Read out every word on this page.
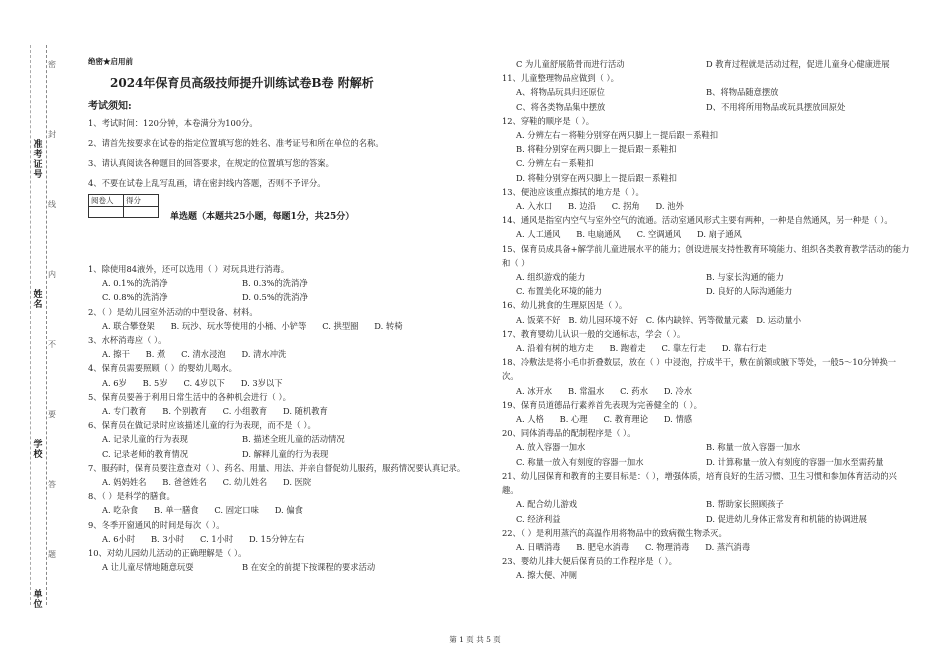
准考证号
姓名
学校
单位
密
封
线
内
不
要
答
题
绝密★启用前
2024年保育员高级技师提升训练试卷B卷 附解析
考试须知:
1、考试时间：120分钟，本卷满分为100分。
2、请首先按要求在试卷的指定位置填写您的姓名、准考证号和所在单位的名称。
3、请认真阅读各种题目的回答要求，在规定的位置填写您的答案。
4、不要在试卷上乱写乱画，请在密封线内答题，否则不予评分。
阅卷人	得分

单选题（本题共25小题，每题1分，共25分）
1、除使用84液外，还可以选用（ ）对玩具进行消毒。
A. 0.1%的洗消净	B. 0.3%的洗消净
C. 0.8%的洗消净	D. 0.5%的洗消净
2、（ ）是幼儿园室外活动的中型设备、材料。
A. 联合攀登架      B. 玩沙、玩水等使用的小桶、小铲等      C. 拱型圈      D. 转椅
3、水杯消毒应（ ）。
A. 擦干      B. 煮      C. 清水浸泡      D. 清水冲洗
4、保育员需要照顾（ ）的婴幼儿喝水。
A. 6岁      B. 5岁      C. 4岁以下      D. 3岁以下
5、保育员要善于利用日常生活中的各种机会进行（ ）。
A. 专门教育      B. 个别教育      C. 小组教育      D. 随机教育
6、保育员在做记录时应该描述儿童的行为表现，而不是（ ）。
A. 记录儿童的行为表现	B. 描述全班儿童的活动情况
C. 记录老师的教育情况	D. 解释儿童的行为表现
7、服药时，保育员要注意查对（ ）、药名、用量、用法、并亲自督促幼儿服药，服药情况要认真记录。
A. 妈妈姓名      B. 爸爸姓名      C. 幼儿姓名      D. 医院
8、（ ）是科学的膳食。
A. 吃杂食      B. 单一膳食      C. 固定口味      D. 偏食
9、冬季开窗通风的时间是每次（ ）。
A. 6小时      B. 3小时      C. 1小时      D. 15分钟左右
10、对幼儿园幼儿活动的正确理解是（ ）。
A 让儿童尽情地随意玩耍	B 在安全的前提下按课程的要求活动
C 为儿童舒展筋骨而进行活动	D 教育过程就是活动过程，促进儿童身心健康进展
11、儿童整理物品应做到（ ）。
A、将物品玩具归还原位	B、将物品随意摆放
C、将各类物品集中摆放	D、不用将所用物品或玩具摆放回原处
12、穿鞋的顺序是（ ）。
A. 分辨左右－将鞋分别穿在两只脚上－提后跟－系鞋扣
B. 将鞋分别穿在两只脚上－提后跟－系鞋扣
C. 分辨左右－系鞋扣
D. 将鞋分别穿在两只脚上－提后跟－系鞋扣
13、便池应该重点擦拭的地方是（ ）。
A. 入水口      B. 边沿      C. 拐角      D. 池外
14、通风是指室内空气与室外空气的流通。活动室通风形式主要有两种，一种是自然通风，另一种是（ ）。
A. 人工通风      B. 电扇通风      C. 空调通风      D. 扇子通风
15、保育员成具备+解学前儿童进展水平的能力；创设进展支持性教育环境能力、组织各类教育教学活动的能力和（ ）
A. 组织游戏的能力	B. 与家长沟通的能力
C. 布置美化环境的能力	D. 良好的人际沟通能力
16、幼儿挑食的生理原因是（ ）。
A. 饭菜不好   B. 幼儿园环境不好   C. 体内缺锌、钙等微量元素   D. 运动量小
17、教育婴幼儿认识一般的交通标志，学会（ ）。
A. 沿着有树的地方走      B. 跑着走      C. 靠左行走      D. 靠右行走
18、冷敷法是将小毛巾折叠数层，放在（ ）中浸泡，拧成半干，敷在前额或腋下等处，一般5～10分钟换一次。
A. 冰开水      B. 常温水      C. 药水      D. 冷水
19、保育员道德品行素养首先表现为完善健全的（ ）。
A. 人格      B. 心理      C. 教育理论      D. 情感
20、同体消毒品的配制程序是（ ）。
A. 放入容器一加水	B. 称量一放入容器一加水
C. 称量一放入有刻度的容器一加水	D. 计算称量一放入有刻度的容器一加水至需药量
21、幼儿园保育和教育的主要目标是：（ ），增强体质，培育良好的生活习惯、卫生习惯和参加体育活动的兴趣。
A. 配合幼儿游戏	B. 帮助家长照顾孩子
C. 经济利益	D. 促进幼儿身体正常发育和机能的协调进展
22、（ ）是利用蒸汽的高温作用将物品中的致病微生物杀灭。
A. 日晒消毒      B. 肥皂水消毒      C. 物理消毒      D. 蒸汽消毒
23、婴幼儿排大便后保育员的工作程序是（ ）。
A. 擦大便、冲厕
第 1 页 共 5 页
